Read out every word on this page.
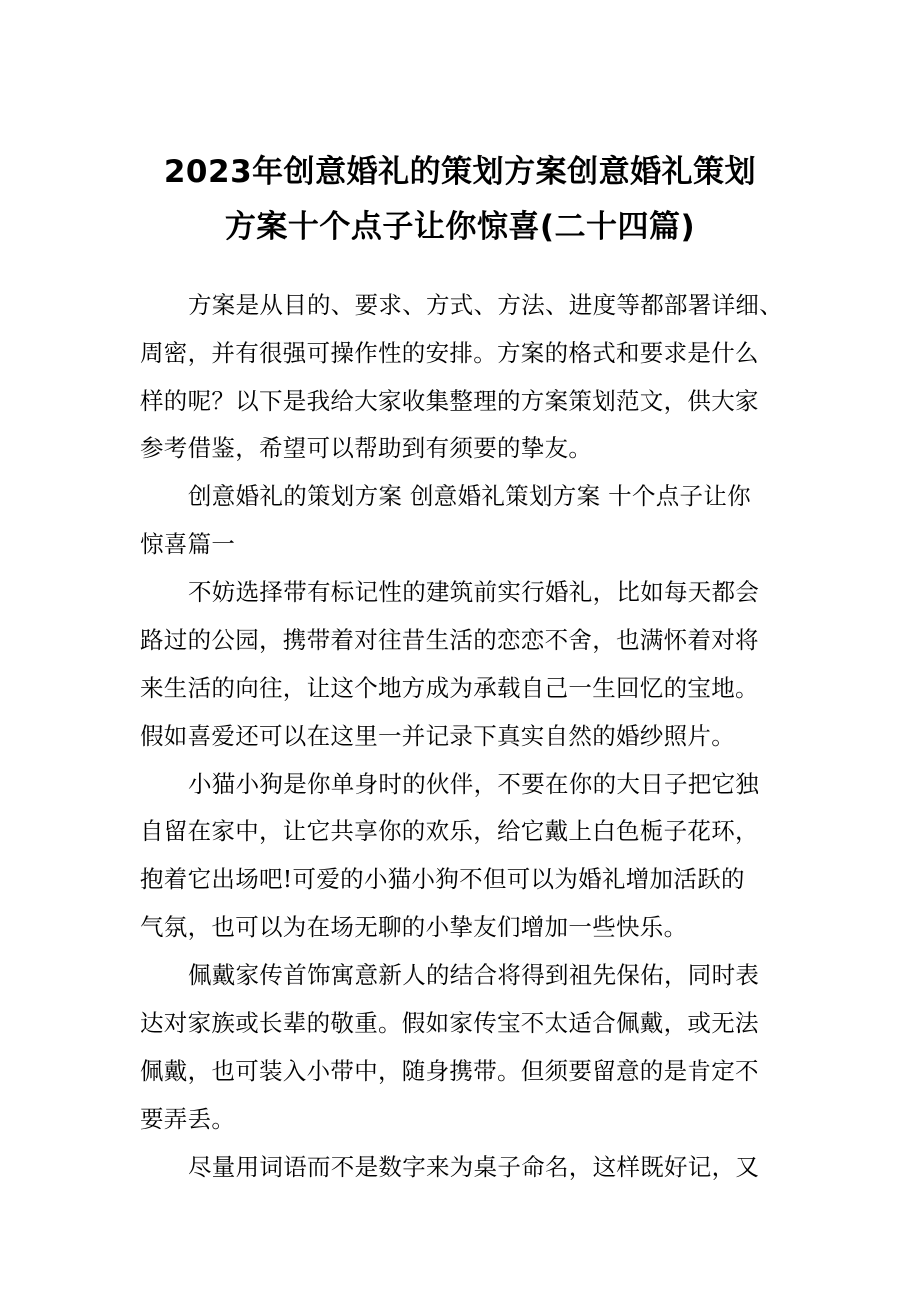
2023年创意婚礼的策划方案创意婚礼策划
方案十个点子让你惊喜(二十四篇)
方案是从目的、要求、方式、方法、进度等都部署详细、
周密，并有很强可操作性的安排。方案的格式和要求是什么
样的呢？以下是我给大家收集整理的方案策划范文，供大家
参考借鉴，希望可以帮助到有须要的挚友。
创意婚礼的策划方案 创意婚礼策划方案 十个点子让你
惊喜篇一
不妨选择带有标记性的建筑前实行婚礼，比如每天都会
路过的公园，携带着对往昔生活的恋恋不舍，也满怀着对将
来生活的向往，让这个地方成为承载自己一生回忆的宝地。
假如喜爱还可以在这里一并记录下真实自然的婚纱照片。
小猫小狗是你单身时的伙伴，不要在你的大日子把它独
自留在家中，让它共享你的欢乐，给它戴上白色栀子花环，
抱着它出场吧!可爱的小猫小狗不但可以为婚礼增加活跃的
气氛，也可以为在场无聊的小挚友们增加一些快乐。
佩戴家传首饰寓意新人的结合将得到祖先保佑，同时表
达对家族或长辈的敬重。假如家传宝不太适合佩戴，或无法
佩戴，也可装入小带中，随身携带。但须要留意的是肯定不
要弄丢。
尽量用词语而不是数字来为桌子命名，这样既好记，又
